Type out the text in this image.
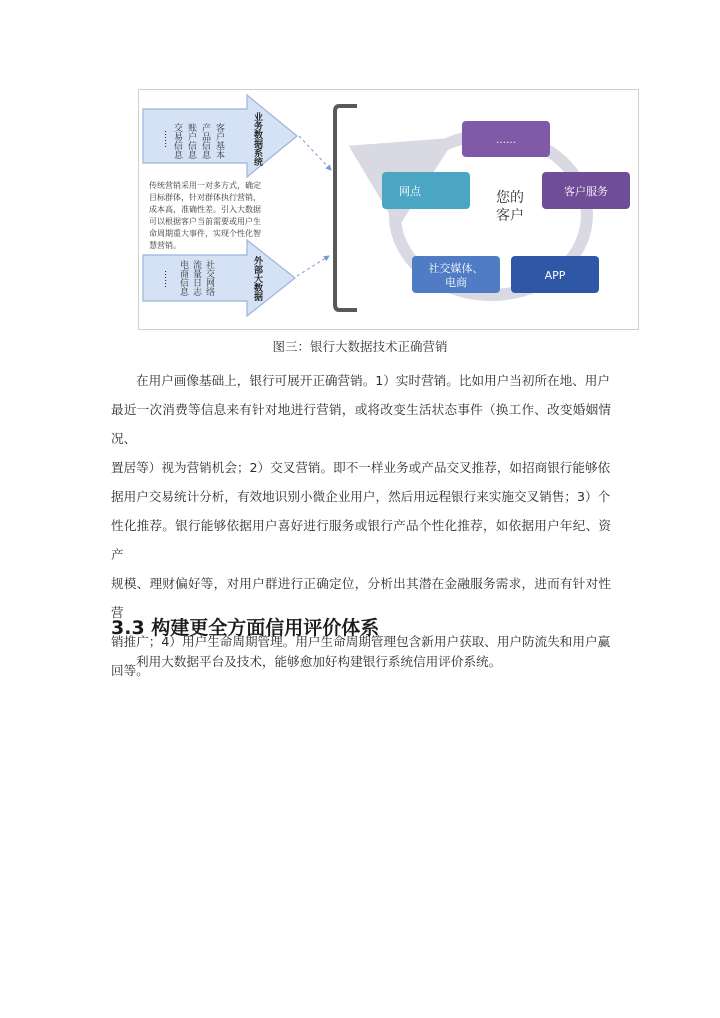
…… 交易信息 账户信息 产品信息 客户基本	业务数据系统
传统营销采用一对多方式，确定
目标群体，针对群体执行营销，
成本高，准确性差。引入大数据
可以根据客户当前需要或用户生
命周期重大事件，实现个性化智
慧营销。
…… 电商信息 流量日志 社交网络	外部大数据
您的
客户
……
客户服务
APP
社交媒体、
电商
网点
图三：银行大数据技术正确营销
在用户画像基础上，银行可展开正确营销。1）实时营销。比如用户当初所在地、用户
最近一次消费等信息来有针对地进行营销，或将改变生活状态事件（换工作、改变婚姻情况、
置居等）视为营销机会；2）交叉营销。即不一样业务或产品交叉推荐，如招商银行能够依
据用户交易统计分析，有效地识别小微企业用户，然后用远程银行来实施交叉销售；3）个
性化推荐。银行能够依据用户喜好进行服务或银行产品个性化推荐，如依据用户年纪、资产
规模、理财偏好等，对用户群进行正确定位，分析出其潜在金融服务需求，进而有针对性营
销推广；4）用户生命周期管理。用户生命周期管理包含新用户获取、用户防流失和用户赢
回等。
3.3 构建更全方面信用评价体系
利用大数据平台及技术，能够愈加好构建银行系统信用评价系统。
